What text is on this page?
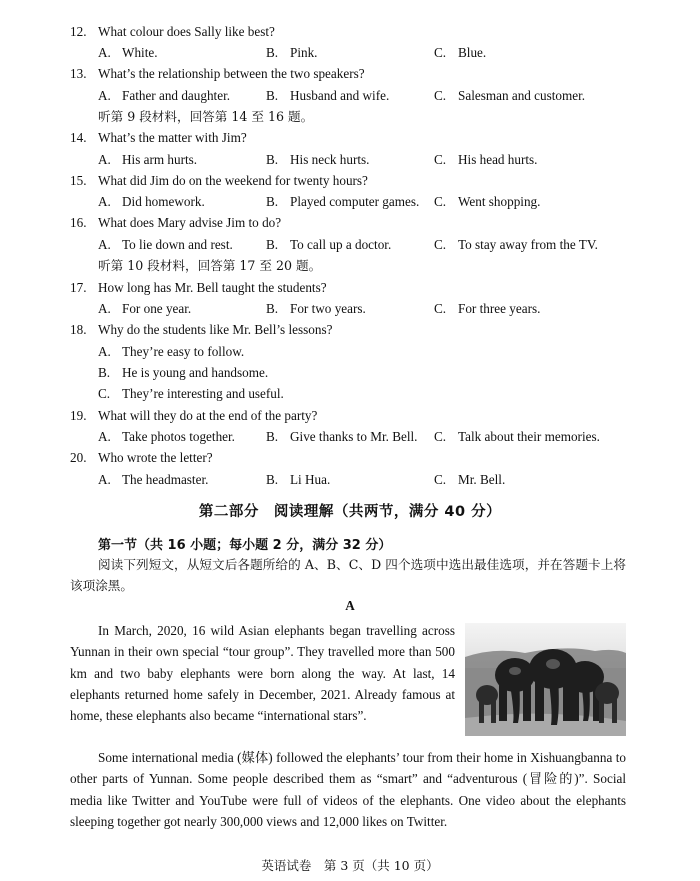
12. What colour does Sally like best?
A. White.	B. Pink.	C. Blue.
13. What’s the relationship between the two speakers?
A. Father and daughter.	B. Husband and wife.	C. Salesman and customer.
听第 9 段材料，回答第 14 至 16 题。
14. What’s the matter with Jim?
A. His arm hurts.	B. His neck hurts.	C. His head hurts.
15. What did Jim do on the weekend for twenty hours?
A. Did homework.	B. Played computer games. C. Went shopping.
16. What does Mary advise Jim to do?
A. To lie down and rest.	B. To call up a doctor.	C. To stay away from the TV.
听第 10 段材料，回答第 17 至 20 题。
17. How long has Mr. Bell taught the students?
A. For one year.	B. For two years.	C. For three years.
18. Why do the students like Mr. Bell’s lessons?
A. They’re easy to follow.
B. He is young and handsome.
C. They’re interesting and useful.
19. What will they do at the end of the party?
A. Take photos together. B. Give thanks to Mr. Bell. C. Talk about their memories.
20. Who wrote the letter?
A. The headmaster.	B. Li Hua.	C. Mr. Bell.
第二部分　阅读理解（共两节，满分 40 分）
第一节（共 16 小题；每小题 2 分，满分 32 分）
阅读下列短文，从短文后各题所给的 A、B、C、D 四个选项中选出最佳选项，并在答题卡上将该项涂黑。
A
In March, 2020, 16 wild Asian elephants began travelling across Yunnan in their own special “tour group”. They travelled more than 500 km and two baby elephants were born along the way. At last, 14 elephants returned home safely in December, 2021. Already famous at home, these elephants also became “international stars”.
Some international media (媒体) followed the elephants’ tour from their home in Xishuangbanna to other parts of Yunnan. Some people described them as “smart” and “adventurous (冒险的)”. Social media like Twitter and YouTube were full of videos of the elephants. One video about the elephants sleeping together got nearly 300,000 views and 12,000 likes on Twitter.
英语试卷　第 3 页（共 10 页）
